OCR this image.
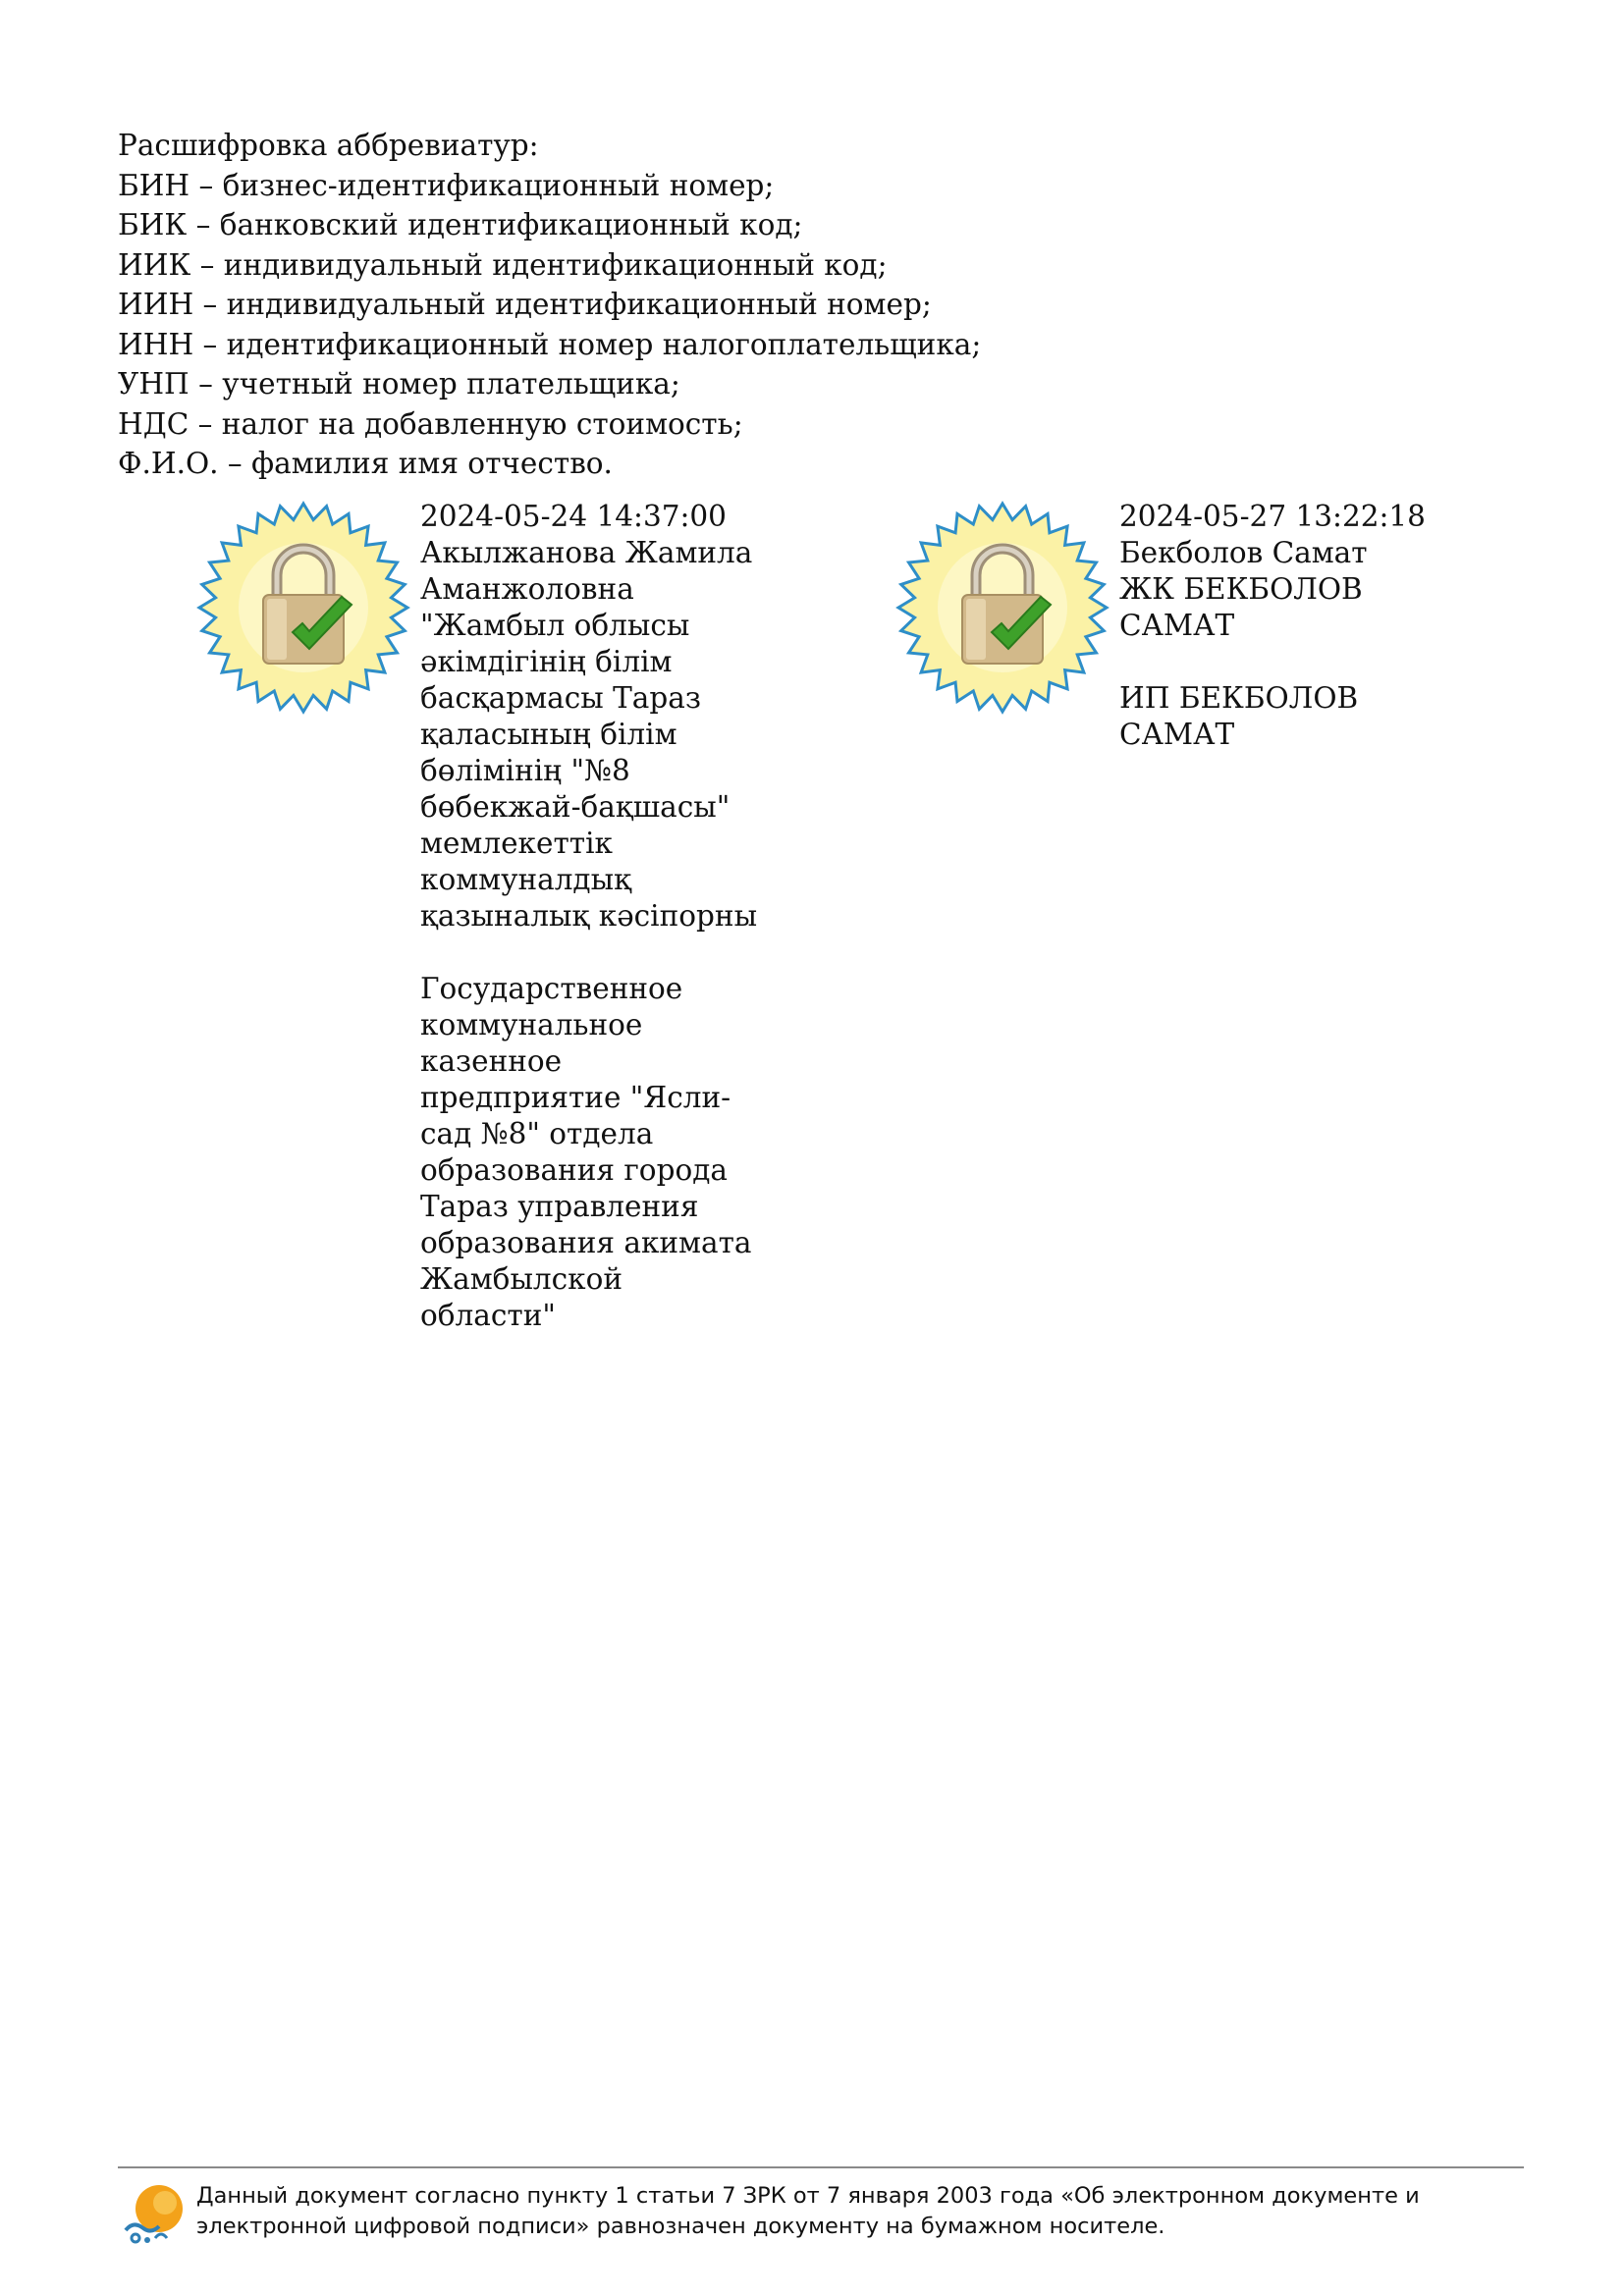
Расшифровка аббревиатур:
БИН – бизнес-идентификационный номер;
БИК – банковский идентификационный код;
ИИК – индивидуальный идентификационный код;
ИИН – индивидуальный идентификационный номер;
ИНН – идентификационный номер налогоплательщика;
УНП – учетный номер плательщика;
НДС – налог на добавленную стоимость;
Ф.И.О. – фамилия имя отчество.
2024-05-24 14:37:00
Акылжанова Жамила
Аманжоловна
"Жамбыл облысы
әкімдігінің білім
басқармасы Тараз
қаласының білім
бөлімінің "№8
бөбекжай-бақшасы"
мемлекеттік
коммуналдық
қазыналық кәсіпорны
Государственное
коммунальное
казенное
предприятие "Ясли-
сад №8" отдела
образования города
Тараз управления
образования акимата
Жамбылской
области"
2024-05-27 13:22:18
Бекболов Самат
ЖК БЕКБОЛОВ
САМАТ
ИП БЕКБОЛОВ
САМАТ
Данный документ согласно пункту 1 статьи 7 ЗРК от 7 января 2003 года «Об электронном документе и
электронной цифровой подписи» равнозначен документу на бумажном носителе.
